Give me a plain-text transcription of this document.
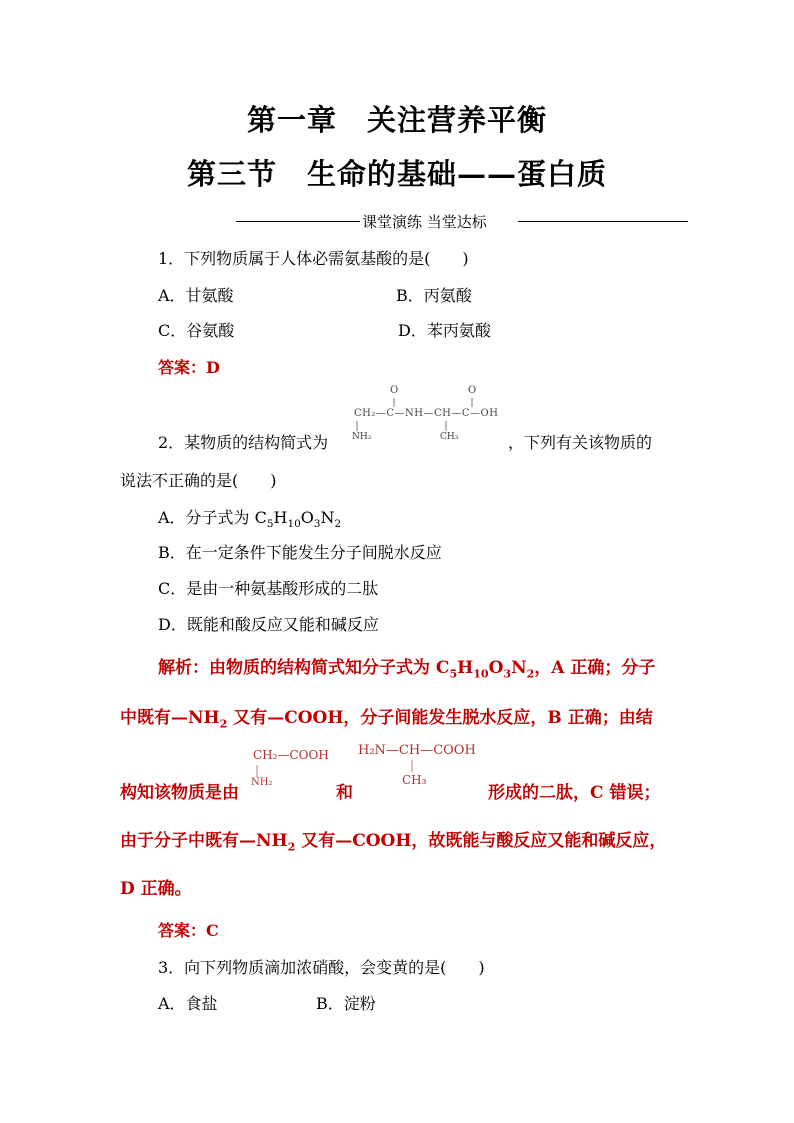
第一章　关注营养平衡
第三节　生命的基础——蛋白质
课堂演练 当堂达标
1．下列物质属于人体必需氨基酸的是(　　)
A．甘氨酸	B．丙氨酸
C．谷氨酸	D．苯丙氨酸
答案：D
O	O
CH₂—C—NH—CH—C—OH
NH₂	CH₃
2．某物质的结构简式为	，下列有关该物质的
说法不正确的是(　　)
A．分子式为 $C_5H_{10}O_3N_2$
B．在一定条件下能发生分子间脱水反应
C．是由一种氨基酸形成的二肽
D．既能和酸反应又能和碱反应
解析：由物质的结构简式知分子式为 $C_5H_{10}O_3N_2$，A 正确；分子
中既有$—NH_2$ 又有—COOH，分子间能发生脱水反应，B 正确；由结
CH₂—COOH
NH₂
H₂N—CH—COOH
CH₃
构知该物质是由	和	形成的二肽，C 错误；
由于分子中既有$—NH_2$ 又有—COOH，故既能与酸反应又能和碱反应，
D 正确。
答案：C
3．向下列物质滴加浓硝酸，会变黄的是(　　)
A．食盐	B．淀粉
